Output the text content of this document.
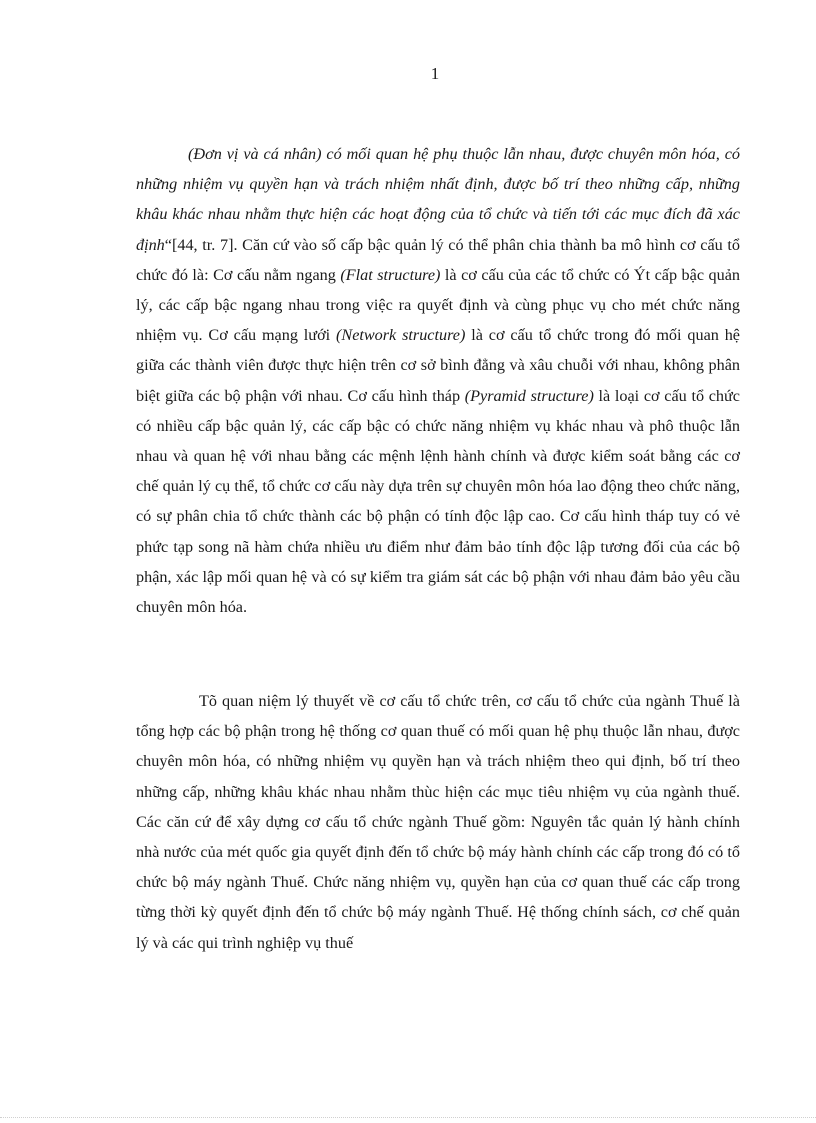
1

(Đơn vị và cá nhân) có mối quan hệ phụ thuộc lẫn nhau, được chuyên môn hóa, có những nhiệm vụ quyền hạn và trách nhiệm nhất định, được bố trí theo những cấp, những khâu khác nhau nhằm thực hiện các hoạt động của tổ chức và tiến tới các mục đích đã xác định“[44, tr. 7]. Căn cứ vào số cấp bậc quản lý có thể phân chia thành ba mô hình cơ cấu tổ chức đó là: Cơ cấu nằm ngang (Flat structure) là cơ cấu của các tổ chức có Ýt cấp bậc quản lý, các cấp bậc ngang nhau trong việc ra quyết định và cùng phục vụ cho mét chức năng nhiệm vụ. Cơ cấu mạng lưới (Network structure) là cơ cấu tổ chức trong đó mối quan hệ giữa các thành viên được thực hiện trên cơ sở bình đẳng và xâu chuỗi với nhau, không phân biệt giữa các bộ phận với nhau. Cơ cấu hình tháp (Pyramid structure) là loại cơ cấu tổ chức có nhiều cấp bậc quản lý, các cấp bậc có chức năng nhiệm vụ khác nhau và phô thuộc lẫn nhau và quan hệ với nhau bằng các mệnh lệnh hành chính và được kiểm soát bằng các cơ chế quản lý cụ thể, tổ chức cơ cấu này dựa trên sự chuyên môn hóa lao động theo chức năng, có sự phân chia tổ chức thành các bộ phận có tính độc lập cao. Cơ cấu hình tháp tuy có vẻ phức tạp song nã hàm chứa nhiều ưu điểm như đảm bảo tính độc lập tương đối của các bộ phận, xác lập mối quan hệ và có sự kiểm tra giám sát các bộ phận với nhau đảm bảo yêu cầu chuyên môn hóa.

Tõ quan niệm lý thuyết về cơ cấu tổ chức trên, cơ cấu tổ chức của ngành Thuế là tổng hợp các bộ phận trong hệ thống cơ quan thuế có mối quan hệ phụ thuộc lẫn nhau, được chuyên môn hóa, có những nhiệm vụ quyền hạn và trách nhiệm theo qui định, bố trí theo những cấp, những khâu khác nhau nhằm thùc hiện các mục tiêu nhiệm vụ của ngành thuế. Các căn cứ để xây dựng cơ cấu tổ chức ngành Thuế gồm: Nguyên tắc quản lý hành chính nhà nước của mét quốc gia quyết định đến tổ chức bộ máy hành chính các cấp trong đó có tổ chức bộ máy ngành Thuế. Chức năng nhiệm vụ, quyền hạn của cơ quan thuế các cấp trong từng thời kỳ quyết định đến tổ chức bộ máy ngành Thuế. Hệ thống chính sách, cơ chế quản lý và các qui trình nghiệp vụ thuế
